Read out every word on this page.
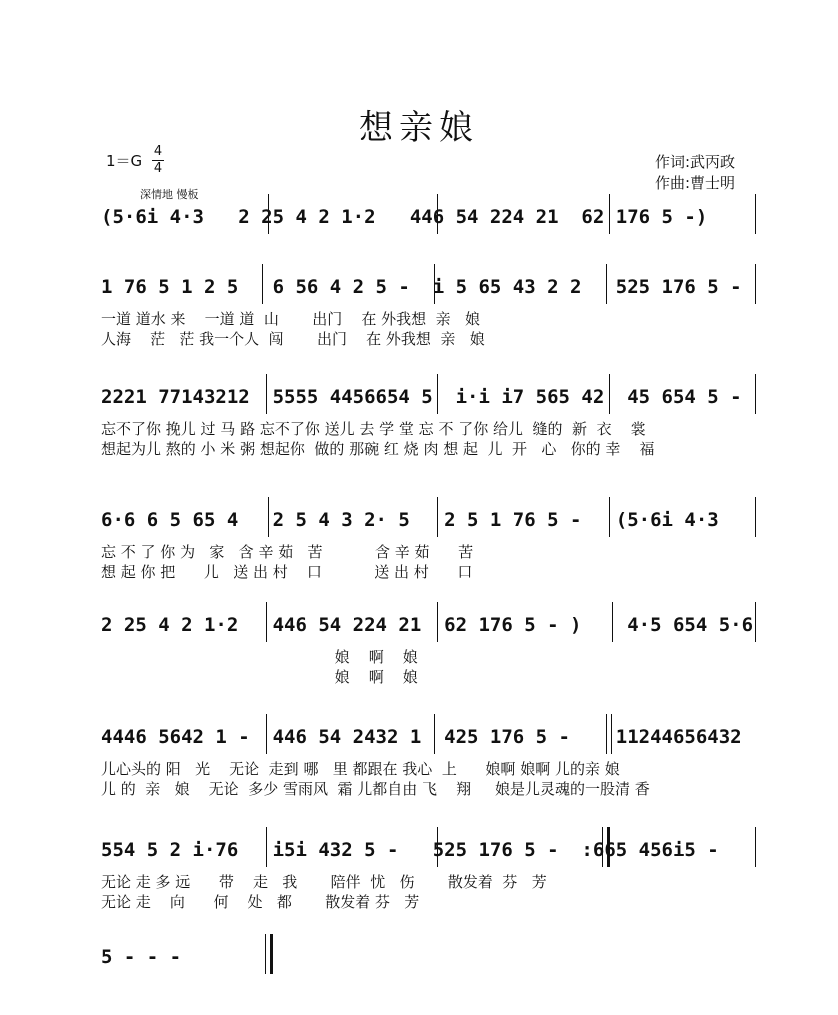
想亲娘
1＝G
4
4
深情地 慢板
作词:武丙政
作曲:曹士明
(5·6i 4·3   2 25 4 2 1·2   446 54 224 21  62 176 5 -)
1 76 5 1 2 5   6 56 4 2 5 -  i 5 65 43 2 2   525 176 5 -
一道 道水 来    一道 道  山       出门    在 外我想  亲   娘
人海    茫   茫 我一个人  闯       出门    在 外我想  亲   娘
2221 77143212  5555 4456654 5  i·i i7 565 42  45 654 5 -
忘不了你 挽儿 过 马 路 忘不了你 送儿 去 学 堂 忘 不 了你 给儿  缝的  新  衣    裳
想起为儿 熬的 小 米 粥 想起你  做的 那碗 红 烧 肉 想 起  儿  开   心   你的 幸    福
6·6 6 5 65 4   2 5 4 3 2· 5   2 5 1 76 5 -   (5·6i 4·3
忘 不 了 你 为   家   含 辛 茹   苦           含 辛 茹      苦
想 起 你 把      儿   送 出 村    口           送 出 村      口
2 25 4 2 1·2   446 54 224 21  62 176 5 - )    4·5 654 5·6
娘    啊    娘
娘    啊    娘
4446 5642 1 -  446 54 2432 1  425 176 5 -    11244656432
儿心头的 阳   光    无论  走到 哪   里 都跟在 我心  上      娘啊 娘啊 儿的亲 娘
儿 的  亲   娘    无论  多少 雪雨风  霜 儿都自由 飞    翔     娘是儿灵魂的一股清 香
554 5 2 i·76   i5i 432 5 -   525 176 5 -  :665 456i5 -
无论 走 多 远      带    走   我       陪伴  忧   伤       散发着  芬   芳
无论 走    向      何    处   都       散发着 芬   芳
5 - - -
